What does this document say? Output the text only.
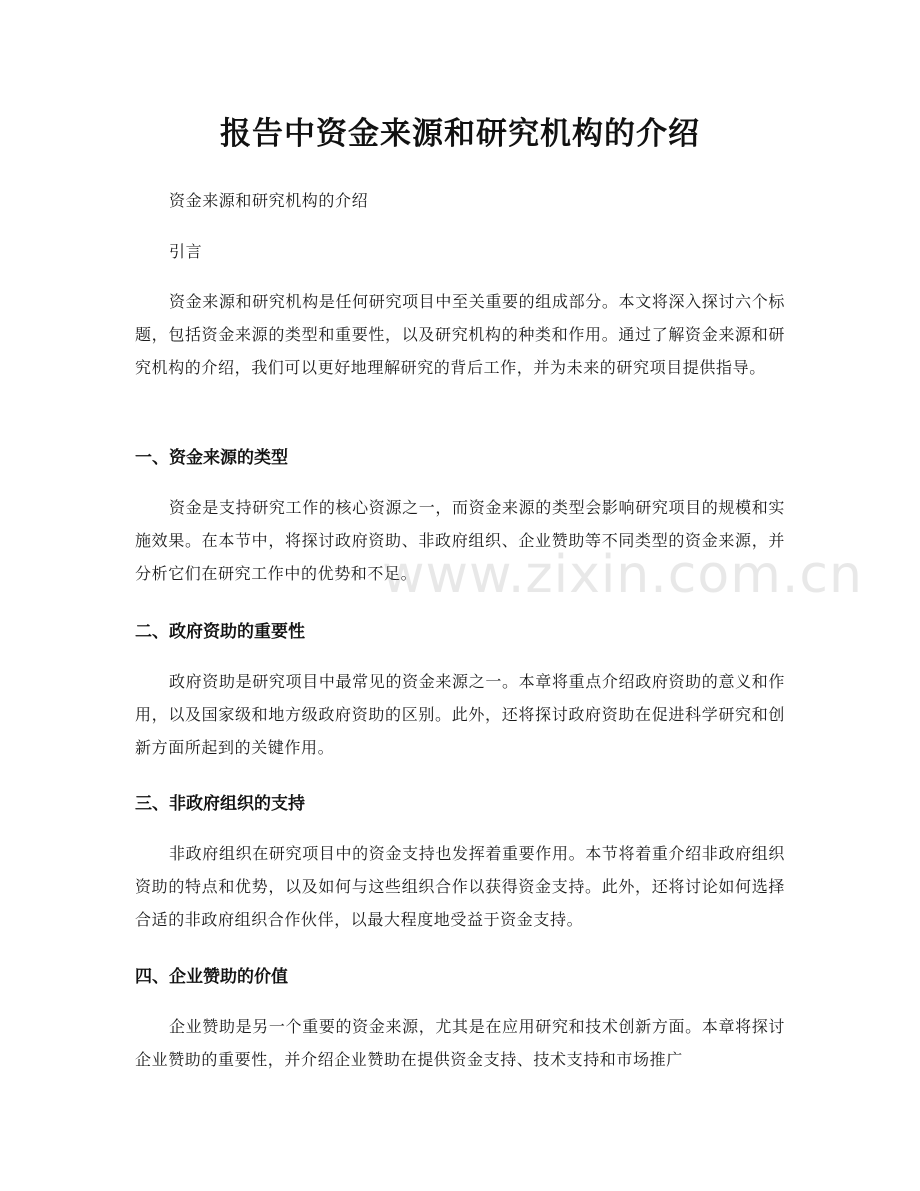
报告中资金来源和研究机构的介绍

资金来源和研究机构的介绍

引言

资金来源和研究机构是任何研究项目中至关重要的组成部分。本文将深入探讨六个标题，包括资金来源的类型和重要性，以及研究机构的种类和作用。通过了解资金来源和研究机构的介绍，我们可以更好地理解研究的背后工作，并为未来的研究项目提供指导。

一、资金来源的类型

资金是支持研究工作的核心资源之一，而资金来源的类型会影响研究项目的规模和实施效果。在本节中，将探讨政府资助、非政府组织、企业赞助等不同类型的资金来源，并分析它们在研究工作中的优势和不足。

二、政府资助的重要性

政府资助是研究项目中最常见的资金来源之一。本章将重点介绍政府资助的意义和作用，以及国家级和地方级政府资助的区别。此外，还将探讨政府资助在促进科学研究和创新方面所起到的关键作用。

三、非政府组织的支持

非政府组织在研究项目中的资金支持也发挥着重要作用。本节将着重介绍非政府组织资助的特点和优势，以及如何与这些组织合作以获得资金支持。此外，还将讨论如何选择合适的非政府组织合作伙伴，以最大程度地受益于资金支持。

四、企业赞助的价值

企业赞助是另一个重要的资金来源，尤其是在应用研究和技术创新方面。本章将探讨企业赞助的重要性，并介绍企业赞助在提供资金支持、技术支持和市场推广

www.zixin.com.cn
